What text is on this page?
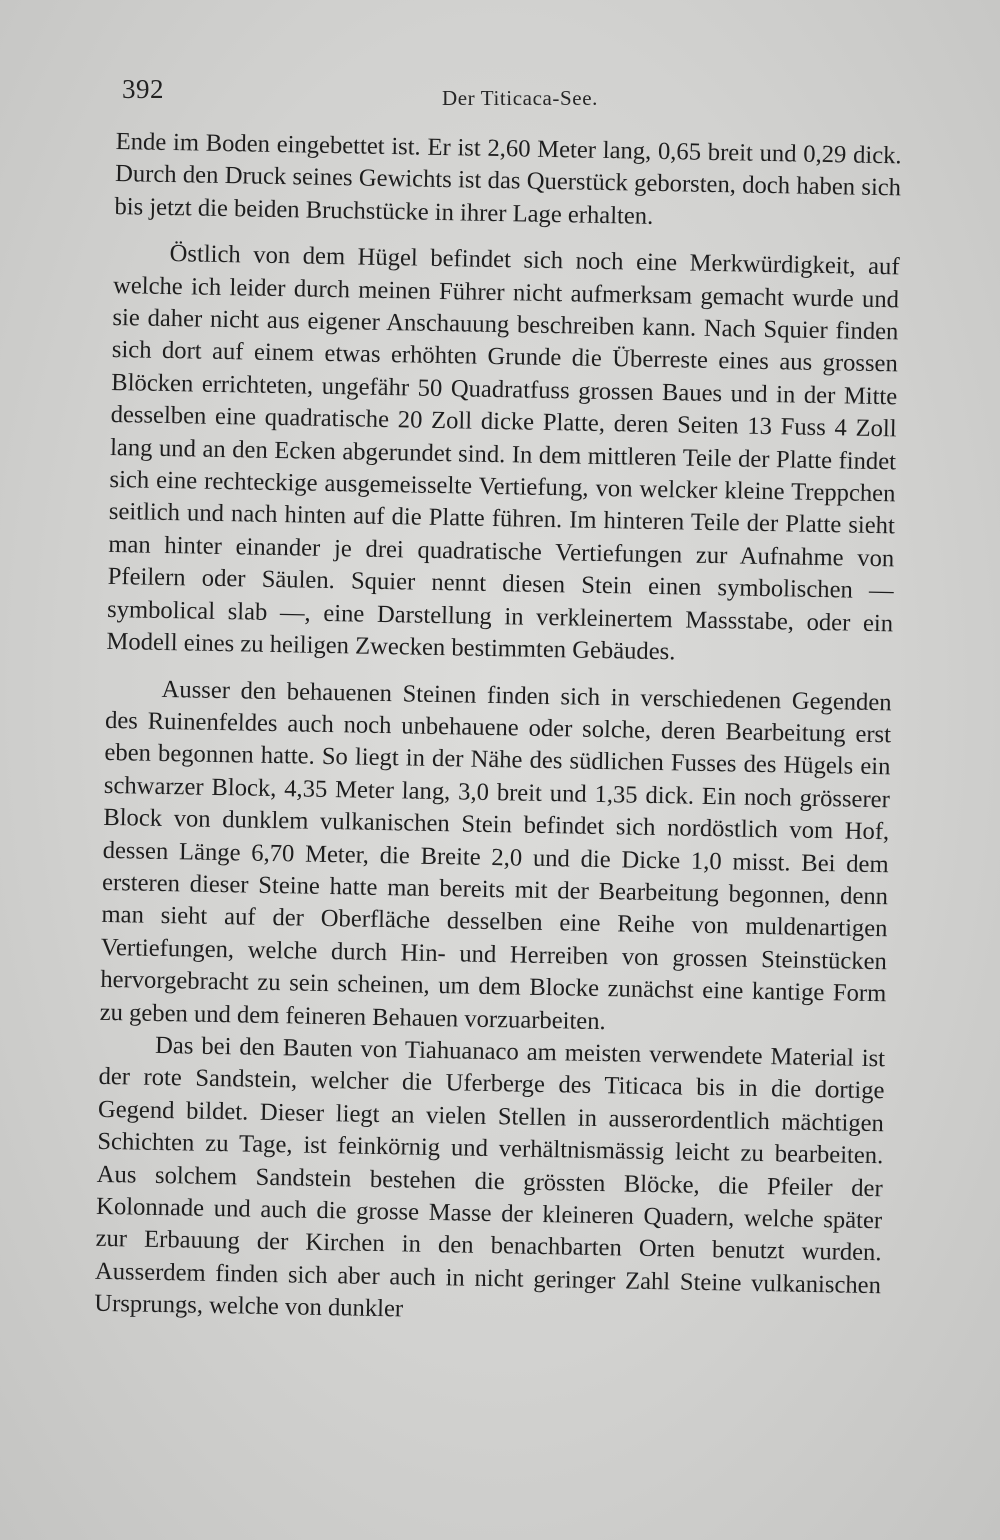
392	Der Titicaca-See.

Ende im Boden eingebettet ist. Er ist 2,60 Meter lang, 0,65 breit und 0,29 dick. Durch den Druck seines Gewichts ist das Querstück geborsten, doch haben sich bis jetzt die beiden Bruchstücke in ihrer Lage erhalten.

Östlich von dem Hügel befindet sich noch eine Merkwürdigkeit, auf welche ich leider durch meinen Führer nicht aufmerksam gemacht wurde und sie daher nicht aus eigener Anschauung beschreiben kann. Nach Squier finden sich dort auf einem etwas erhöhten Grunde die Überreste eines aus grossen Blöcken errichteten, ungefähr 50 Quadratfuss grossen Baues und in der Mitte desselben eine quadratische 20 Zoll dicke Platte, deren Seiten 13 Fuss 4 Zoll lang und an den Ecken abgerundet sind. In dem mittleren Teile der Platte findet sich eine rechteckige ausgemeisselte Vertiefung, von welcker kleine Treppchen seitlich und nach hinten auf die Platte führen. Im hinteren Teile der Platte sieht man hinter einander je drei quadratische Vertiefungen zur Aufnahme von Pfeilern oder Säulen. Squier nennt diesen Stein einen symbolischen — symbolical slab —, eine Darstellung in verkleinertem Massstabe, oder ein Modell eines zu heiligen Zwecken bestimmten Gebäudes.

Ausser den behauenen Steinen finden sich in verschiedenen Gegenden des Ruinenfeldes auch noch unbehauene oder solche, deren Bearbeitung erst eben begonnen hatte. So liegt in der Nähe des südlichen Fusses des Hügels ein schwarzer Block, 4,35 Meter lang, 3,0 breit und 1,35 dick. Ein noch grösserer Block von dunklem vulkanischen Stein befindet sich nordöstlich vom Hof, dessen Länge 6,70 Meter, die Breite 2,0 und die Dicke 1,0 misst. Bei dem ersteren dieser Steine hatte man bereits mit der Bearbeitung begonnen, denn man sieht auf der Oberfläche desselben eine Reihe von muldenartigen Vertiefungen, welche durch Hin- und Herreiben von grossen Steinstücken hervorgebracht zu sein scheinen, um dem Blocke zunächst eine kantige Form zu geben und dem feineren Behauen vorzuarbeiten.

Das bei den Bauten von Tiahuanaco am meisten verwendete Material ist der rote Sandstein, welcher die Uferberge des Titicaca bis in die dortige Gegend bildet. Dieser liegt an vielen Stellen in ausserordentlich mächtigen Schichten zu Tage, ist feinkörnig und verhältnismässig leicht zu bearbeiten. Aus solchem Sandstein bestehen die grössten Blöcke, die Pfeiler der Kolonnade und auch die grosse Masse der kleineren Quadern, welche später zur Erbauung der Kirchen in den benachbarten Orten benutzt wurden. Ausserdem finden sich aber auch in nicht geringer Zahl Steine vulkanischen Ursprungs, welche von dunkler
